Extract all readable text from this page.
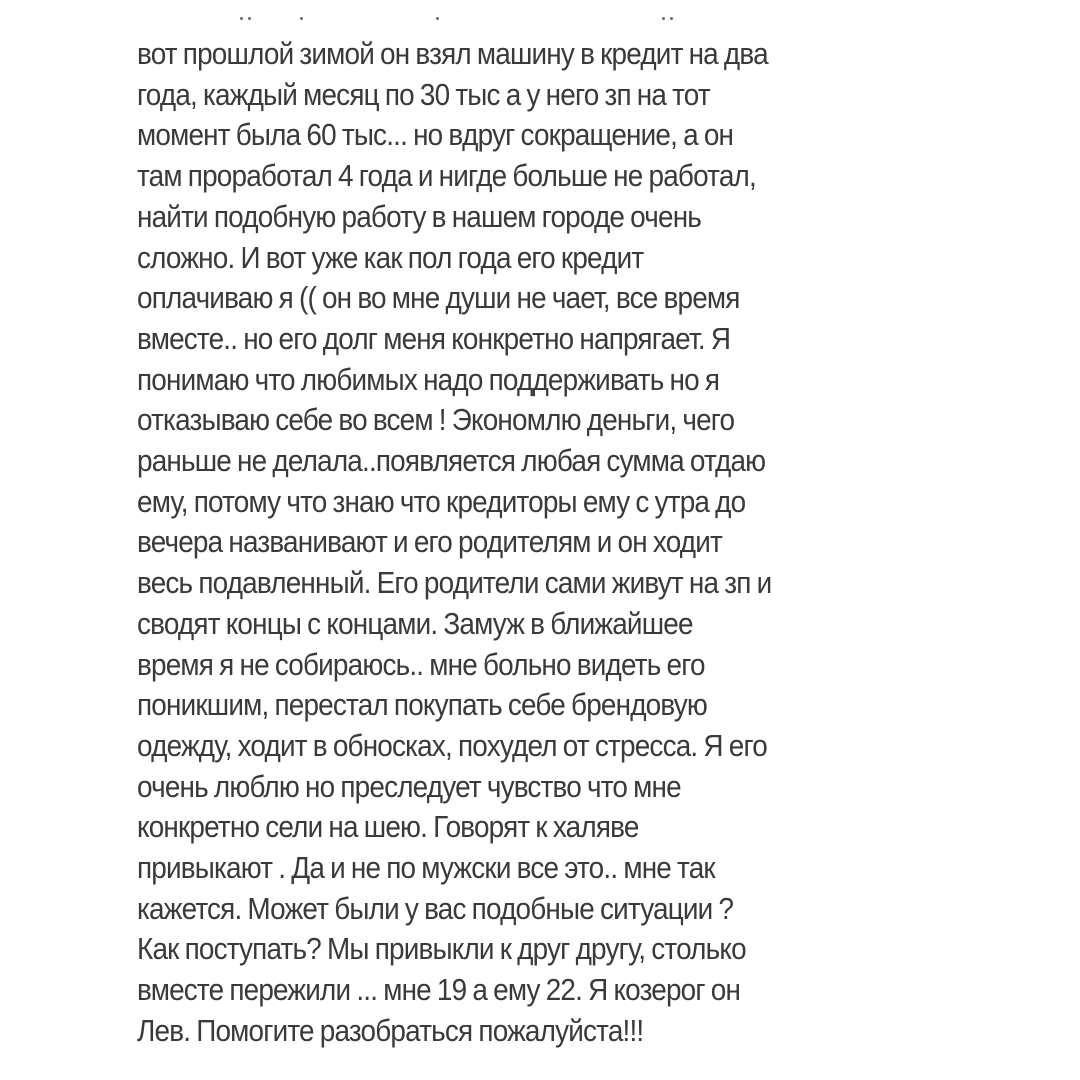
вот прошлой зимой он взял машину в кредит на два
года, каждый месяц по 30 тыс а у него зп на тот
момент была 60 тыс... но вдруг сокращение, а он
там проработал 4 года и нигде больше не работал,
найти подобную работу в нашем городе очень
сложно. И вот уже как пол года его кредит
оплачиваю я (( он во мне души не чает, все время
вместе.. но его долг меня конкретно напрягает. Я
понимаю что любимых надо поддерживать но я
отказываю себе во всем ! Экономлю деньги, чего
раньше не делала..появляется любая сумма отдаю
ему, потому что знаю что кредиторы ему с утра до
вечера названивают и его родителям и он ходит
весь подавленный. Его родители сами живут на зп и
сводят концы с концами. Замуж в ближайшее
время я не собираюсь.. мне больно видеть его
поникшим, перестал покупать себе брендовую
одежду, ходит в обносках, похудел от стресса. Я его
очень люблю но преследует чувство что мне
конкретно сели на шею. Говорят к халяве
привыкают . Да и не по мужски все это.. мне так
кажется. Может были у вас подобные ситуации ?
Как поступать? Мы привыкли к друг другу, столько
вместе пережили ... мне 19 а ему 22. Я козерог он
Лев. Помогите разобраться пожалуйста!!!
